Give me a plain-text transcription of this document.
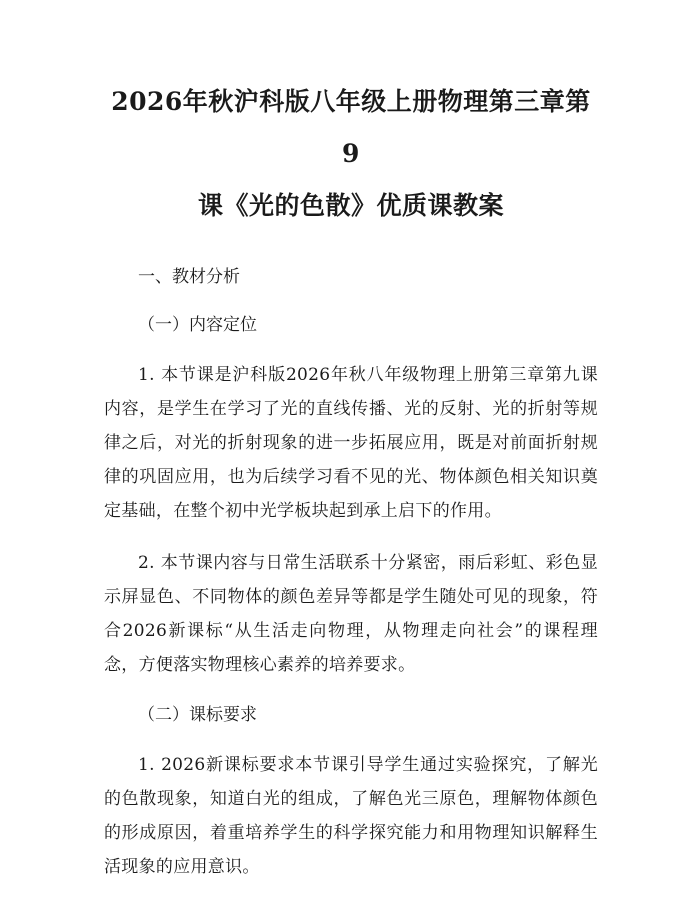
2026年秋沪科版八年级上册物理第三章第9
课《光的色散》优质课教案
一、教材分析
（一）内容定位

1. 本节课是沪科版2026年秋八年级物理上册第三章第九课内容，是学生在学习了光的直线传播、光的反射、光的折射等规律之后，对光的折射现象的进一步拓展应用，既是对前面折射规律的巩固应用，也为后续学习看不见的光、物体颜色相关知识奠定基础，在整个初中光学板块起到承上启下的作用。

2. 本节课内容与日常生活联系十分紧密，雨后彩虹、彩色显示屏显色、不同物体的颜色差异等都是学生随处可见的现象，符合2026新课标“从生活走向物理，从物理走向社会”的课程理念，方便落实物理核心素养的培养要求。

（二）课标要求

1. 2026新课标要求本节课引导学生通过实验探究，了解光的色散现象，知道白光的组成，了解色光三原色，理解物体颜色的形成原因，着重培养学生的科学探究能力和用物理知识解释生活现象的应用意识。
